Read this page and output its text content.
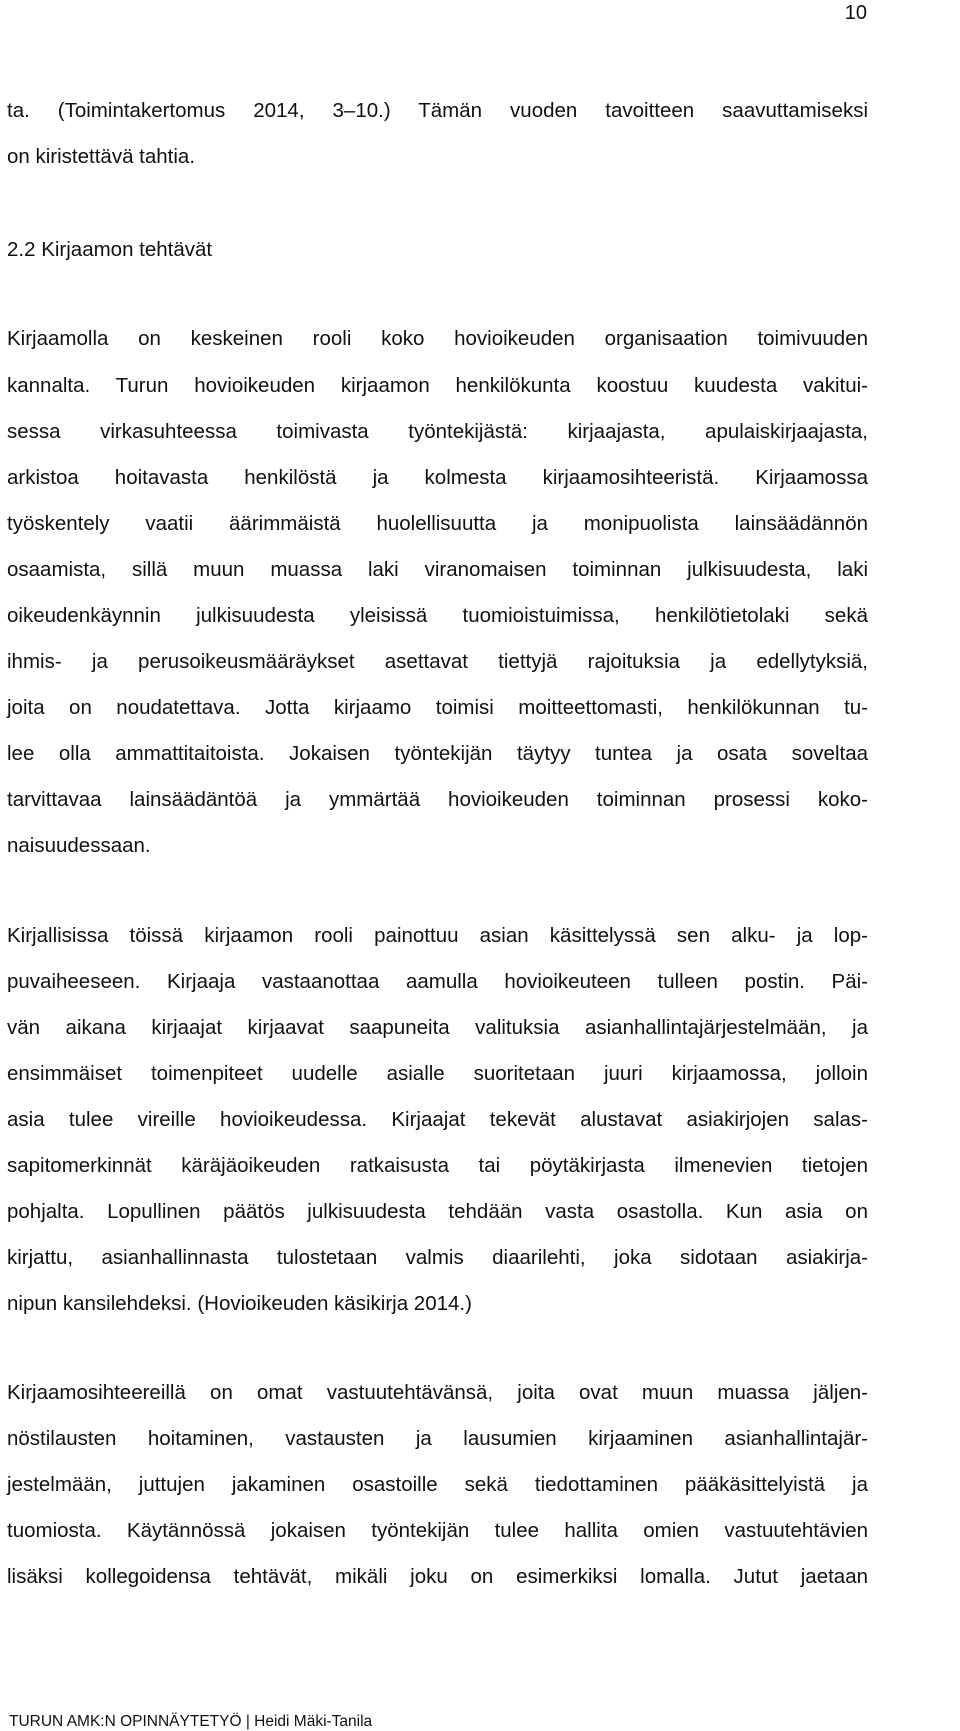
10
ta. (Toimintakertomus 2014, 3–10.) Tämän vuoden tavoitteen saavuttamiseksi
on kiristettävä tahtia.
2.2 Kirjaamon tehtävät
Kirjaamolla on keskeinen rooli koko hovioikeuden organisaation toimivuuden
kannalta. Turun hovioikeuden kirjaamon henkilökunta koostuu kuudesta vakitui-
sessa virkasuhteessa toimivasta työntekijästä: kirjaajasta, apulaiskirjaajasta,
arkistoa hoitavasta henkilöstä ja kolmesta kirjaamosihteeristä. Kirjaamossa
työskentely vaatii äärimmäistä huolellisuutta ja monipuolista lainsäädännön
osaamista, sillä muun muassa laki viranomaisen toiminnan julkisuudesta, laki
oikeudenkäynnin julkisuudesta yleisissä tuomioistuimissa, henkilötietolaki sekä
ihmis- ja perusoikeusmääräykset asettavat tiettyjä rajoituksia ja edellytyksiä,
joita on noudatettava. Jotta kirjaamo toimisi moitteettomasti, henkilökunnan tu-
lee olla ammattitaitoista. Jokaisen työntekijän täytyy tuntea ja osata soveltaa
tarvittavaa lainsäädäntöä ja ymmärtää hovioikeuden toiminnan prosessi koko-
naisuudessaan.
Kirjallisissa töissä kirjaamon rooli painottuu asian käsittelyssä sen alku- ja lop-
puvaiheeseen. Kirjaaja vastaanottaa aamulla hovioikeuteen tulleen postin. Päi-
vän aikana kirjaajat kirjaavat saapuneita valituksia asianhallintajärjestelmään, ja
ensimmäiset toimenpiteet uudelle asialle suoritetaan juuri kirjaamossa, jolloin
asia tulee vireille hovioikeudessa. Kirjaajat tekevät alustavat asiakirjojen salas-
sapitomerkinnät käräjäoikeuden ratkaisusta tai pöytäkirjasta ilmenevien tietojen
pohjalta. Lopullinen päätös julkisuudesta tehdään vasta osastolla. Kun asia on
kirjattu, asianhallinnasta tulostetaan valmis diaarilehti, joka sidotaan asiakirja-
nipun kansilehdeksi. (Hovioikeuden käsikirja 2014.)
Kirjaamosihteereillä on omat vastuutehtävänsä, joita ovat muun muassa jäljen-
nöstilausten hoitaminen, vastausten ja lausumien kirjaaminen asianhallintajär-
jestelmään, juttujen jakaminen osastoille sekä tiedottaminen pääkäsittelyistä ja
tuomiosta. Käytännössä jokaisen työntekijän tulee hallita omien vastuutehtävien
lisäksi kollegoidensa tehtävät, mikäli joku on esimerkiksi lomalla. Jutut jaetaan
TURUN AMK:N OPINNÄYTETYÖ | Heidi Mäki-Tanila
